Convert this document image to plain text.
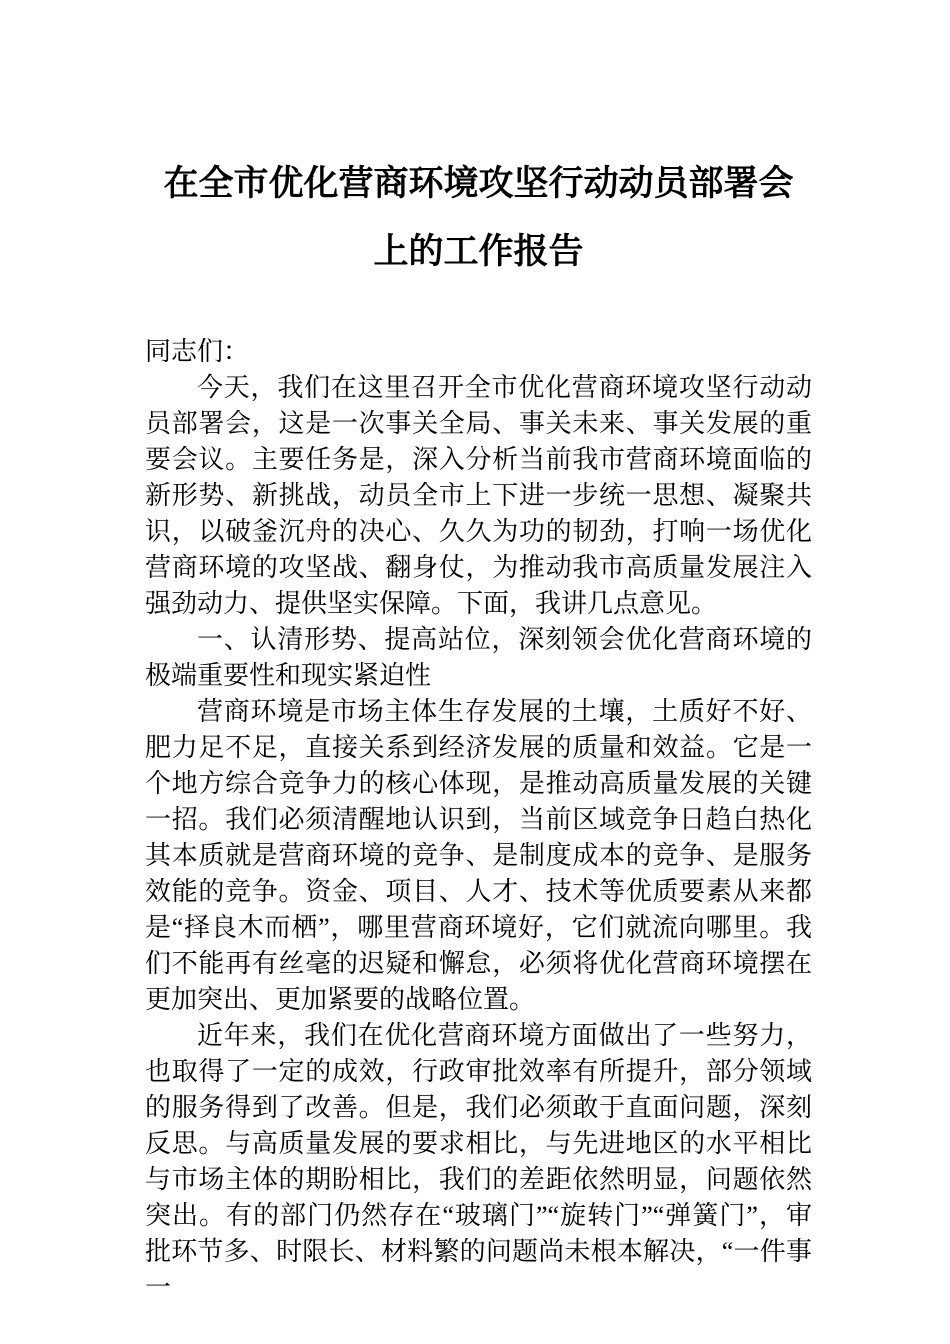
在全市优化营商环境攻坚行动动员部署会
上的工作报告

同志们：

今天，我们在这里召开全市优化营商环境攻坚行动动员部署会，这是一次事关全局、事关未来、事关发展的重要会议。主要任务是，深入分析当前我市营商环境面临的新形势、新挑战，动员全市上下进一步统一思想、凝聚共识，以破釜沉舟的决心、久久为功的韧劲，打响一场优化营商环境的攻坚战、翻身仗，为推动我市高质量发展注入强劲动力、提供坚实保障。下面，我讲几点意见。

一、认清形势、提高站位，深刻领会优化营商环境的极端重要性和现实紧迫性

营商环境是市场主体生存发展的土壤，土质好不好、肥力足不足，直接关系到经济发展的质量和效益。它是一个地方综合竞争力的核心体现，是推动高质量发展的关键一招。我们必须清醒地认识到，当前区域竞争日趋白热化其本质就是营商环境的竞争、是制度成本的竞争、是服务效能的竞争。资金、项目、人才、技术等优质要素从来都是“择良木而栖”，哪里营商环境好，它们就流向哪里。我们不能再有丝毫的迟疑和懈怠，必须将优化营商环境摆在更加突出、更加紧要的战略位置。

近年来，我们在优化营商环境方面做出了一些努力，也取得了一定的成效，行政审批效率有所提升，部分领域的服务得到了改善。但是，我们必须敢于直面问题，深刻反思。与高质量发展的要求相比，与先进地区的水平相比与市场主体的期盼相比，我们的差距依然明显，问题依然突出。有的部门仍然存在“玻璃门”“旋转门”“弹簧门”，审批环节多、时限长、材料繁的问题尚未根本解决，“一件事一
